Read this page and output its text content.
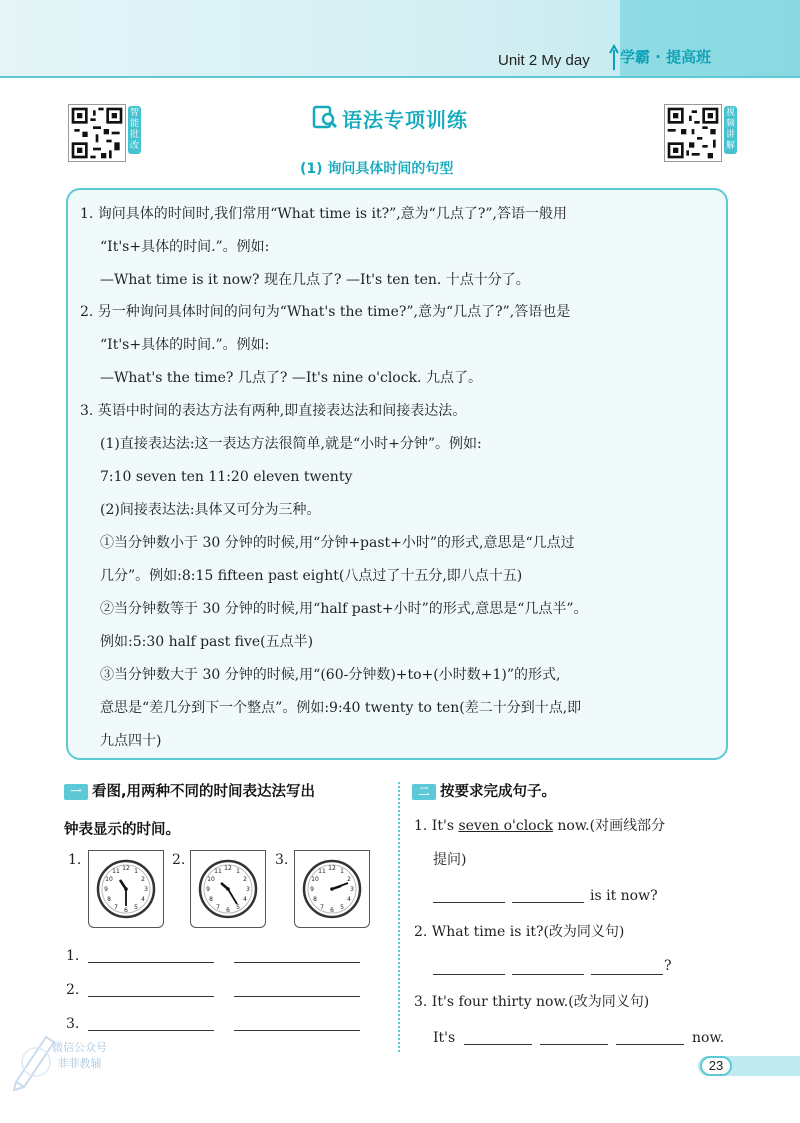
Unit 2 My day 学霸 · 提高班
智能批改
视频讲解
语法专项训练
(1) 询问具体时间的句型
1. 询问具体的时间时,我们常用“What time is it?”,意为“几点了?”,答语一般用
“It's+具体的时间.”。例如:
—What time is it now? 现在几点了? —It's ten ten. 十点十分了。
2. 另一种询问具体时间的问句为“What's the time?”,意为“几点了?”,答语也是
“It's+具体的时间.”。例如:
—What's the time? 几点了? —It's nine o'clock. 九点了。
3. 英语中时间的表达方法有两种,即直接表达法和间接表达法。
(1)直接表达法:这一表达方法很简单,就是“小时+分钟”。例如:
7:10 seven ten 11:20 eleven twenty
(2)间接表达法:具体又可分为三种。
①当分钟数小于 30 分钟的时候,用“分钟+past+小时”的形式,意思是“几点过
几分”。例如:8:15 fifteen past eight(八点过了十五分,即八点十五)
②当分钟数等于 30 分钟的时候,用“half past+小时”的形式,意思是“几点半”。
例如:5:30 half past five(五点半)
③当分钟数大于 30 分钟的时候,用“(60-分钟数)+to+(小时数+1)”的形式,
意思是“差几分到下一个整点”。例如:9:40 twenty to ten(差二十分到十点,即
九点四十)
一 看图,用两种不同的时间表达法写出
钟表显示的时间。
1.
12 1
2
3
4
5
6
7
8
9
10
11
2.
12 1
2
3
4
5
6
7
8
9
10
11
3.
12 1
2
3
4
5
6
7
8
9
10
11
1.
2.
3.
二 按要求完成句子。
1. It's seven o'clock now.(对画线部分
提问)
is it now?
2. What time is it?(改为同义句)
?
3. It's four thirty now.(改为同义句)
It's	now.
23
微信公众号
菲菲教辅
